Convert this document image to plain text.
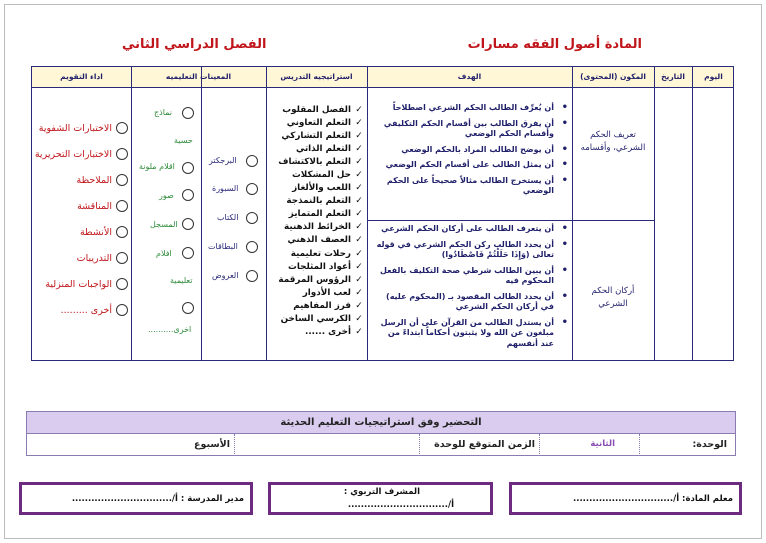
المادة أصول الفقه مسارات
الفصل الدراسي الثاني
اليوم
التاريخ
المكون (المحتوى)
الهدف
استراتيجيه التدريس
المعينات التعليميه
اداء التقويم
تعريف الحكم الشرعي، وأقسامه
أركان الحكم الشرعي
• أن يُعرِّف الطالب الحكم الشرعي اصطلاحاً
• أن يفرق الطالب بين أقسام الحكم التكليفي وأقسام الحكم الوضعي
• أن يوضح الطالب المراد بالحكم الوضعي
• أن يمثل الطالب على أقسام الحكم الوضعي
• أن يستخرج الطالب مثالاً صحيحاً على الحكم الوضعي
• أن يتعرف الطالب على أركان الحكم الشرعي
• أن يحدد الطالب ركن الحكم الشرعي في قوله تعالى (وَإِذَا حَلَلْتُمْ فَاصْطَادُوا)
• أن يبين الطالب شرطي صحة التكليف بالفعل المحكوم فيه
• أن يحدد الطالب المقصود بـ (المحكوم عليه) في أركان الحكم الشرعي
• أن يستدل الطالب من القرآن على أن الرسل مبلغون عن الله ولا يثبتون أحكاماً ابتداءً من عند أنفسهم
✓
الفصل المقلوب
✓
التعلم التعاوني
✓
التعلم التشاركي
✓
التعلم الذاتي
✓
التعلم بالاكتشاف
✓
حل المشكلات
✓
اللعب والألغاز
✓
التعلم بالنمذجة
✓
التعلم المتمايز
✓
الخرائط الذهنية
✓
العصف الذهني
✓
رحلات تعليمية
✓
أعواد المثلجات
✓
الرؤوس المرقمة
✓
لعب الأدوار
✓
فرز المفاهيم
✓
الكرسي الساخن
✓
أخرى ......
البرجكتر
السبورة
الكتاب
البطاقات
العروض
نماذج
حسية
اقلام ملونة
صور
المسجل
افلام
تعليمية
اخرى..........
الاختبارات الشفوية
الاختبارات التحريرية
الملاحظة
المناقشة
الأنشطة
التدريبات
الواجبات المنزلية
أخرى .........
التحضير وفق استراتيجيات التعليم الحديثة
الوحدة:
الثانية
الزمن المتوقع للوحدة
الأسبوع
معلم المادة: أ/...............................
المشرف التربوي :
أ/...............................
مدير المدرسة : أ/...............................
